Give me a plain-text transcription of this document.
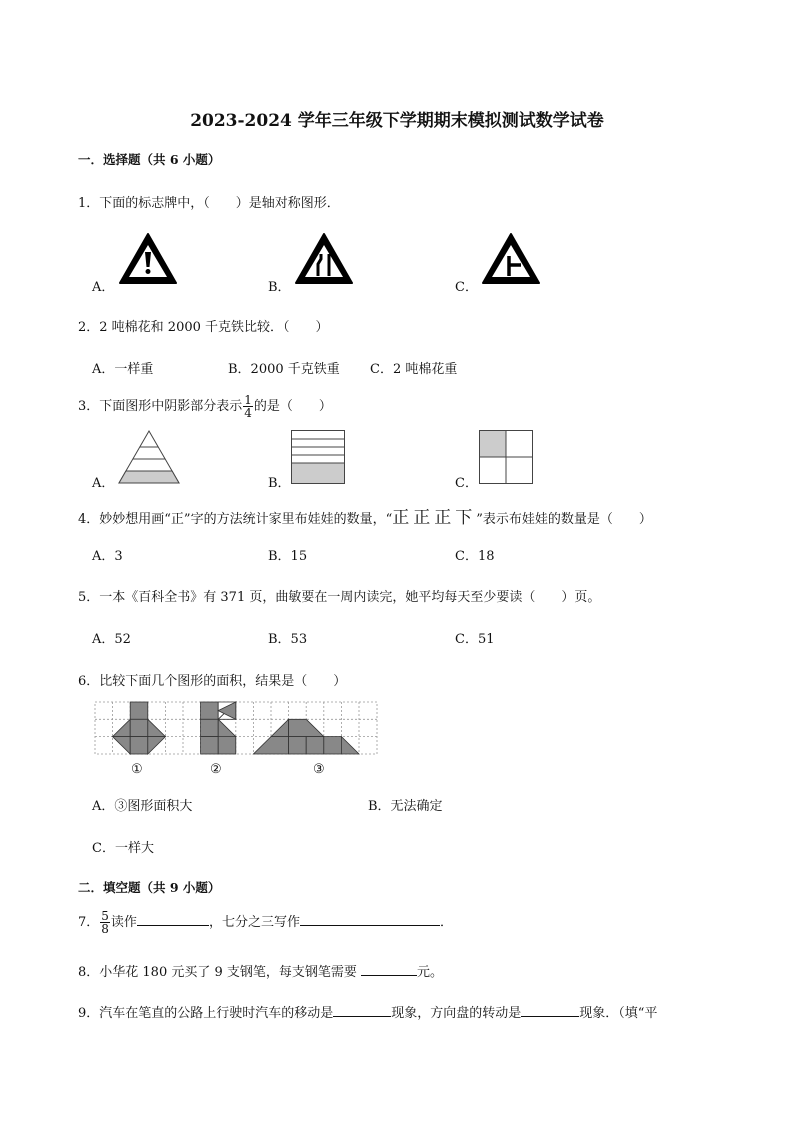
2023-2024 学年三年级下学期期末模拟测试数学试卷
一．选择题（共 6 小题）
1．下面的标志牌中，（　　）是轴对称图形．
A．	B．	C．
2．2 吨棉花和 2000 千克铁比较．（　　）
A．一样重	B．2000 千克铁重 C．2 吨棉花重
3．下面图形中阴影部分表示 $\frac{1}{4}$ 的是（　　）
A．	B．	C．
4．妙妙想用画“正”字的方法统计家里布娃娃的数量，“正正正下”表示布娃娃的数量是（　　）
A．3	B．15	C．18
5．一本《百科全书》有 371 页，曲敏要在一周内读完，她平均每天至少要读（　　）页。
A．52	B．53	C．51
6．比较下面几个图形的面积，结果是（　　）
①	②	③
A．③图形面积大	B．无法确定
C．一样大
二．填空题（共 9 小题）
7． $\frac{5}{8}$ 读作	，七分之三写作	．
8．小华花 180 元买了 9 支钢笔，每支钢笔需要	元。
9．汽车在笔直的公路上行驶时汽车的移动是	现象，方向盘的转动是	现象．（填“平
